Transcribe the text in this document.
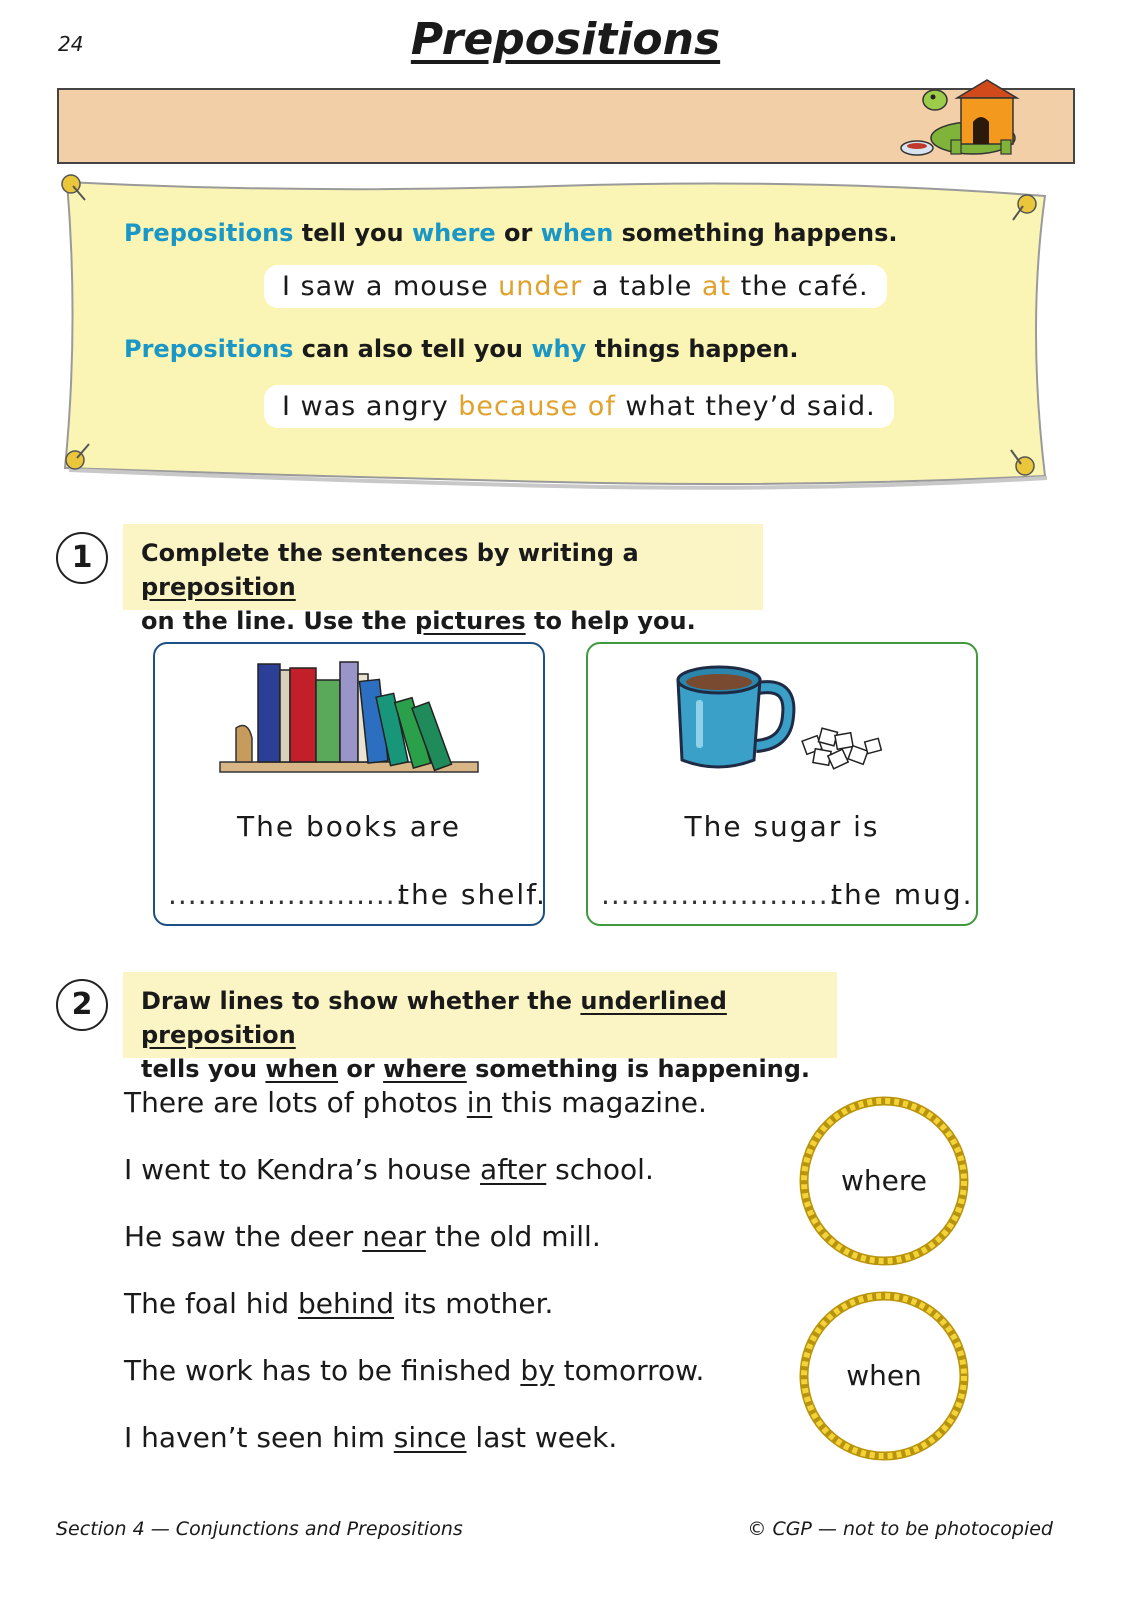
24	Prepositions
Prepositions tell you where or when something happens.
I saw a mouse under a table at the café.
Prepositions can also tell you why things happen.
I was angry because of what they’d said.
1	Complete the sentences by writing a preposition
on the line. Use the pictures to help you.
The books are
........................
the shelf.
The sugar is
........................
the mug.
2	Draw lines to show whether the underlined preposition
tells you when or where something is happening.
There are lots of photos in this magazine.
I went to Kendra’s house after school.
He saw the deer near the old mill.
The foal hid behind its mother.
The work has to be finished by tomorrow.
I haven’t seen him since last week.
where
when
Section 4 — Conjunctions and Prepositions	© CGP — not to be photocopied
